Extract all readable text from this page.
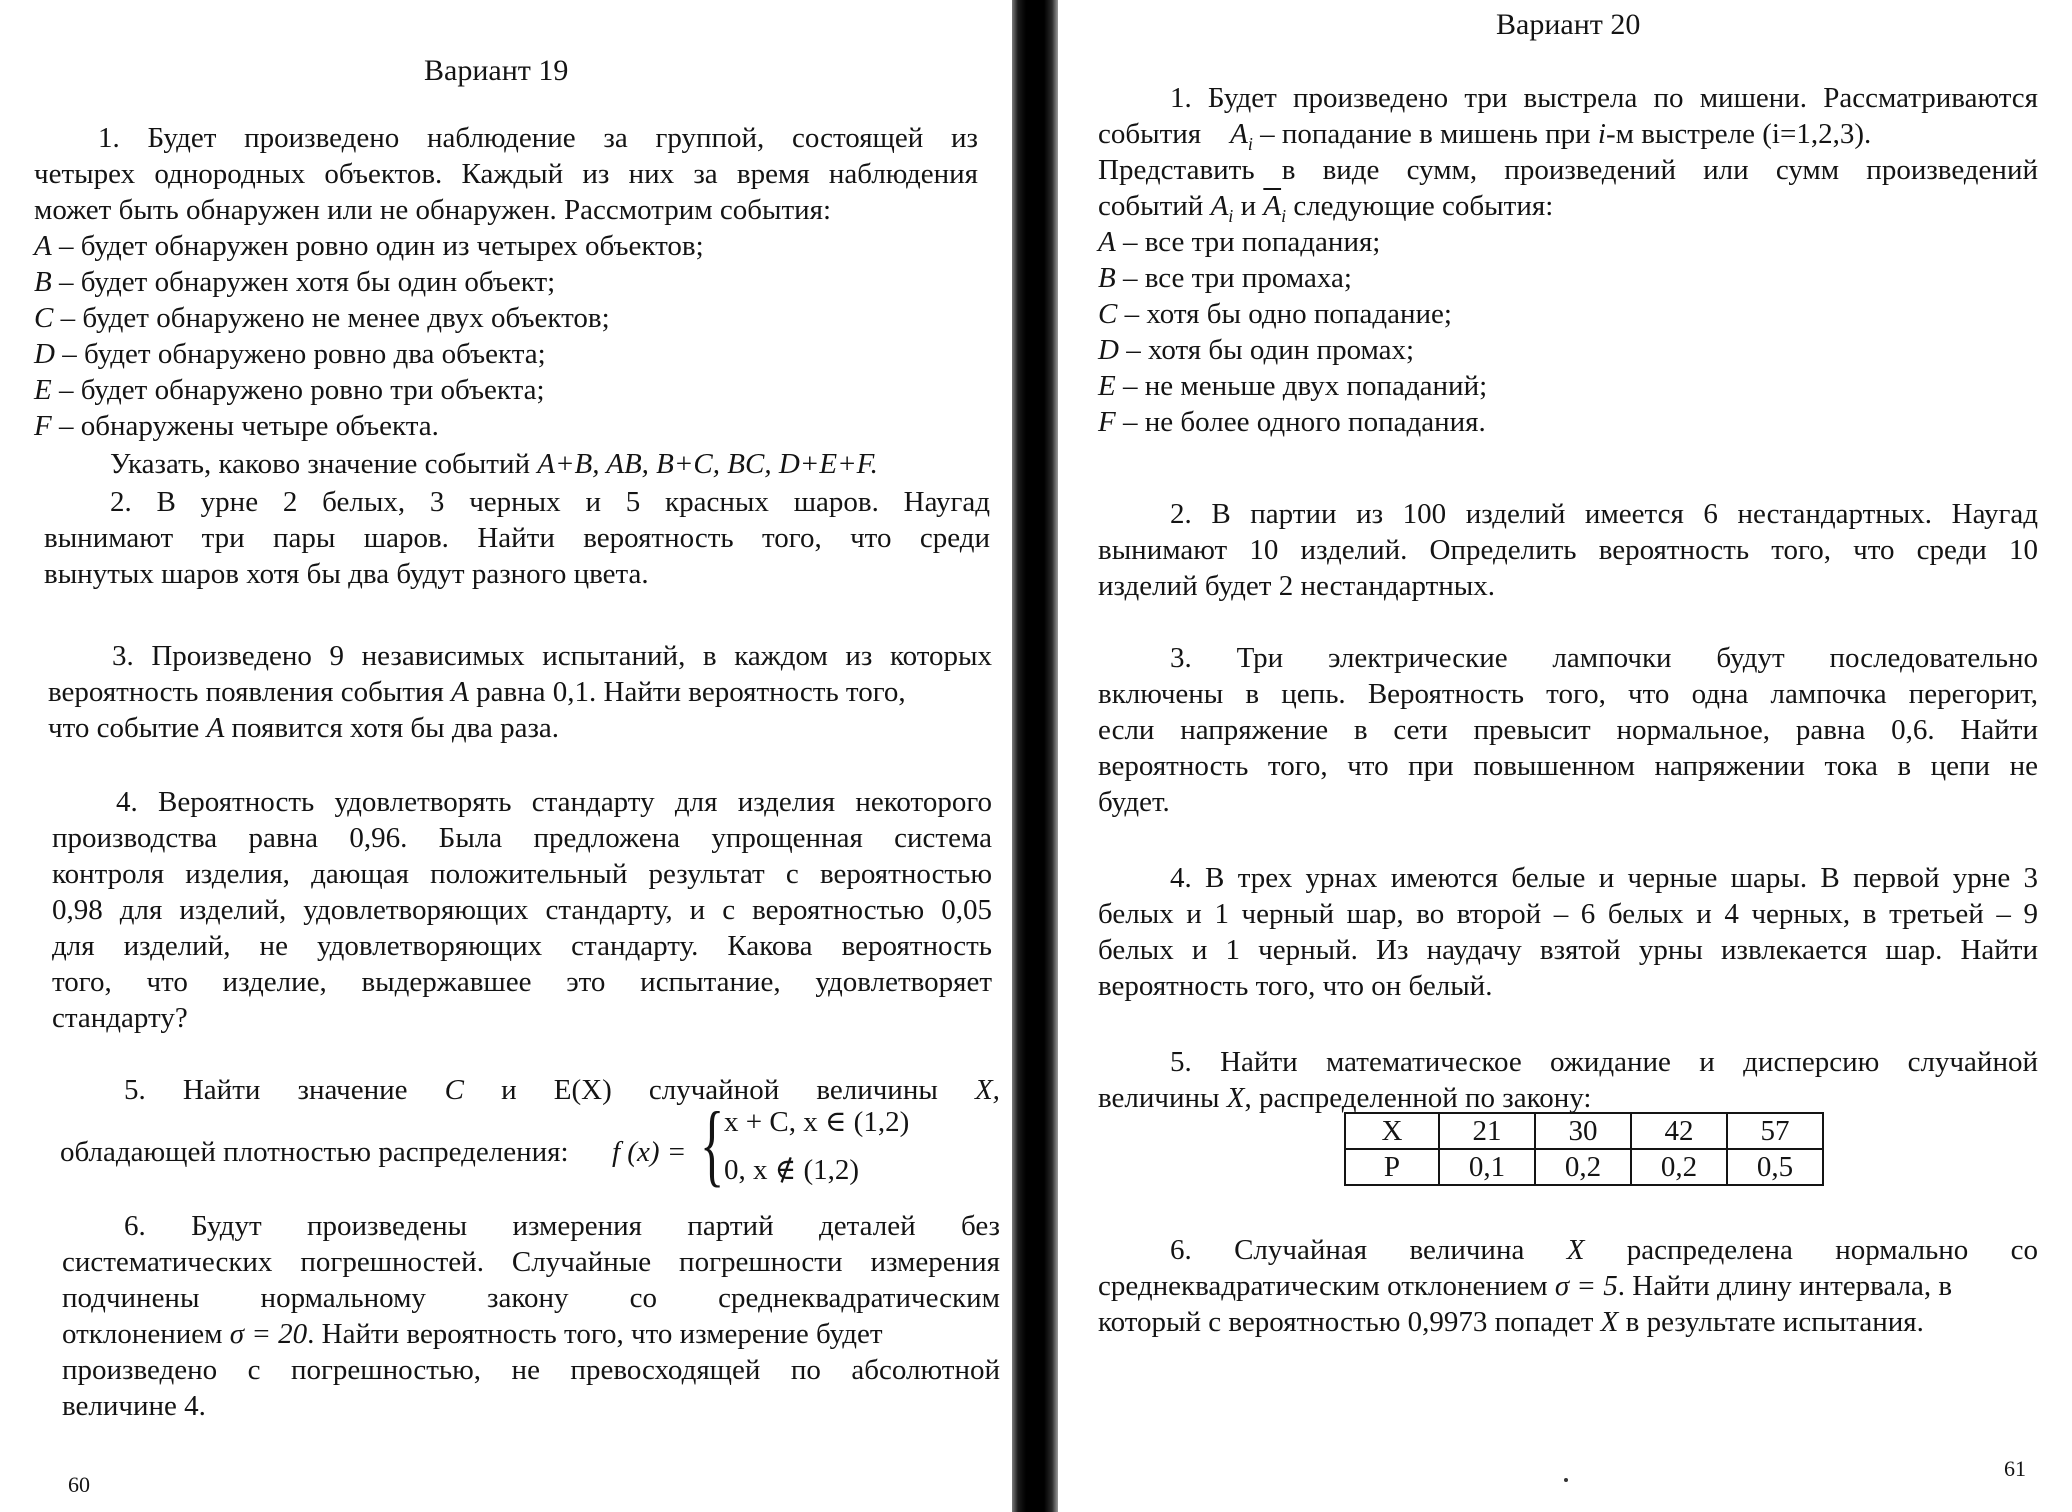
Вариант 19
1. Будет произведено наблюдение за группой, состоящей из
четырех однородных объектов. Каждый из них за время наблюдения
может быть обнаружен или не обнаружен. Рассмотрим события:
A – будет обнаружен ровно один из четырех объектов;
B – будет обнаружен хотя бы один объект;
C – будет обнаружено не менее двух объектов;
D – будет обнаружено ровно два объекта;
E – будет обнаружено ровно три объекта;
F – обнаружены четыре объекта.
Указать, каково значение событий A+B, AB, B+C, BC, D+E+F.
2. В урне 2 белых, 3 черных и 5 красных шаров. Наугад
вынимают три пары шаров. Найти вероятность того, что среди
вынутых шаров хотя бы два будут разного цвета.
3. Произведено 9 независимых испытаний, в каждом из которых
вероятность появления события A равна 0,1. Найти вероятность того,
что событие A появится хотя бы два раза.
4. Вероятность удовлетворять стандарту для изделия некоторого
производства равна 0,96. Была предложена упрощенная система
контроля изделия, дающая положительный результат с вероятностью
0,98 для изделий, удовлетворяющих стандарту, и с вероятностью 0,05
для изделий, не удовлетворяющих стандарту. Какова вероятность
того, что изделие, выдержавшее это испытание, удовлетворяет
стандарту?
5. Найти значение C и E(X) случайной величины X,
обладающей плотностью распределения: f (x) = { x + C, x ∈ (1,2)
0, x ∉ (1,2)
6. Будут произведены измерения партий деталей без
систематических погрешностей. Случайные погрешности измерения
подчинены нормальному закону со среднеквадратическим
отклонением σ = 20. Найти вероятность того, что измерение будет
произведено с погрешностью, не превосходящей по абсолютной
величине 4.
60
Вариант 20
1. Будет произведено три выстрела по мишени. Рассматриваются
события    $A_i$ – попадание в мишень при i-м выстреле (i=1,2,3).
Представить в виде сумм, произведений или сумм произведений
событий $A_i$ и $\overline{A}_i$ следующие события:
A – все три попадания;
B – все три промаха;
C – хотя бы одно попадание;
D – хотя бы один промах;
E – не меньше двух попаданий;
F – не более одного попадания.
2. В партии из 100 изделий имеется 6 нестандартных. Наугад
вынимают 10 изделий. Определить вероятность того, что среди 10
изделий будет 2 нестандартных.
3. Три электрические лампочки будут последовательно
включены в цепь. Вероятность того, что одна лампочка перегорит,
если напряжение в сети превысит нормальное, равна 0,6. Найти
вероятность того, что при повышенном напряжении тока в цепи не
будет.
4. В трех урнах имеются белые и черные шары. В первой урне 3
белых и 1 черный шар, во второй – 6 белых и 4 черных, в третьей – 9
белых и 1 черный. Из наудачу взятой урны извлекается шар. Найти
вероятность того, что он белый.
5. Найти математическое ожидание и дисперсию случайной
величины X, распределенной по закону:
X	21	30	42	57
P	0,1	0,2	0,2	0,5
6. Случайная величина X распределена нормально со
среднеквадратическим отклонением σ = 5. Найти длину интервала, в
который с вероятностью 0,9973 попадет X в результате испытания.
61
